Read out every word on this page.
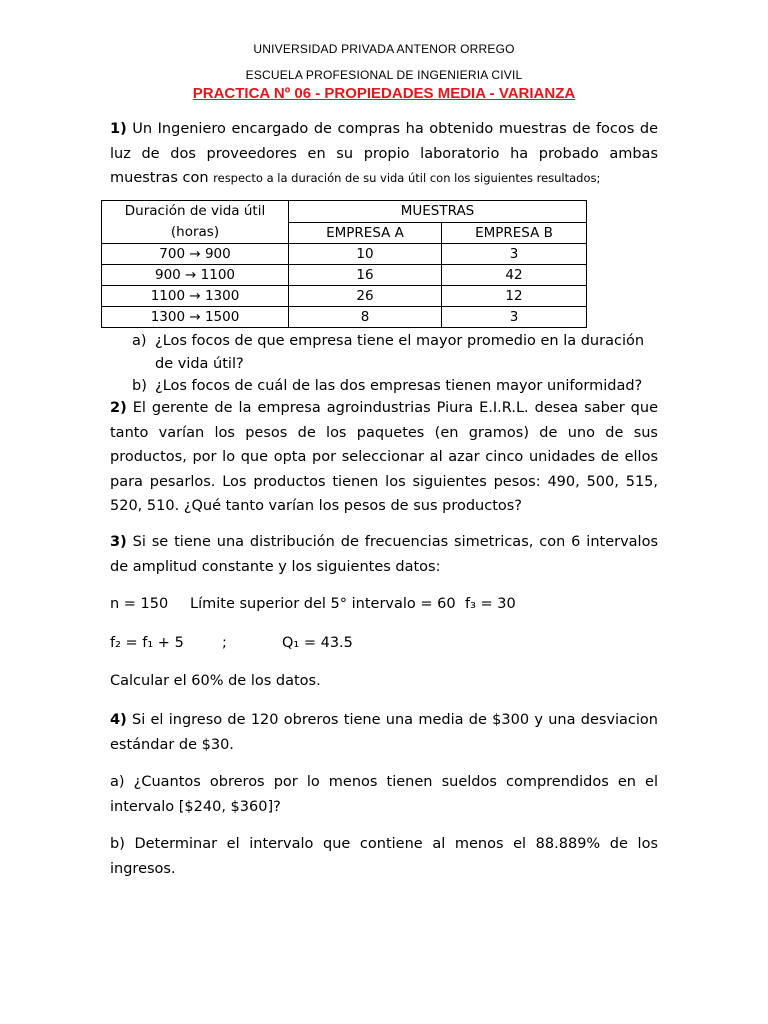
UNIVERSIDAD PRIVADA ANTENOR ORREGO
ESCUELA PROFESIONAL DE INGENIERIA CIVIL
PRACTICA Nº 06 - PROPIEDADES MEDIA - VARIANZA
1) Un Ingeniero encargado de compras ha obtenido muestras de focos de luz de dos proveedores en su propio laboratorio ha probado ambas muestras con respecto a la duración de su vida útil con los siguientes resultados;
Duración de vida útil
(horas)	MUESTRAS	
	EMPRESA A	EMPRESA B
700 → 900	10	3
900 → 1100	16	42
1100 → 1300	26	12
1300 → 1500	8	3
a) ¿Los focos de que empresa tiene el mayor promedio en la duración
de vida útil?
b) ¿Los focos de cuál de las dos empresas tienen mayor uniformidad?
2) El gerente de la empresa agroindustrias Piura E.I.R.L. desea saber que tanto varían los pesos de los paquetes (en gramos) de uno de sus productos, por lo que opta por seleccionar al azar cinco unidades de ellos para pesarlos. Los productos tienen los siguientes pesos: 490, 500, 515, 520, 510. ¿Qué tanto varían los pesos de sus productos?
3) Si se tiene una distribución de frecuencias simetricas, con 6 intervalos de amplitud constante y los siguientes datos:
n = 150 Límite superior del 5° intervalo = 60 f₃ = 30
f₂ = f₁ + 5	;	Q₁ = 43.5
Calcular el 60% de los datos.
4) Si el ingreso de 120 obreros tiene una media de $300 y una desviacion estándar de $30.
a) ¿Cuantos obreros por lo menos tienen sueldos comprendidos en el intervalo [$240, $360]?
b) Determinar el intervalo que contiene al menos el 88.889% de los ingresos.
